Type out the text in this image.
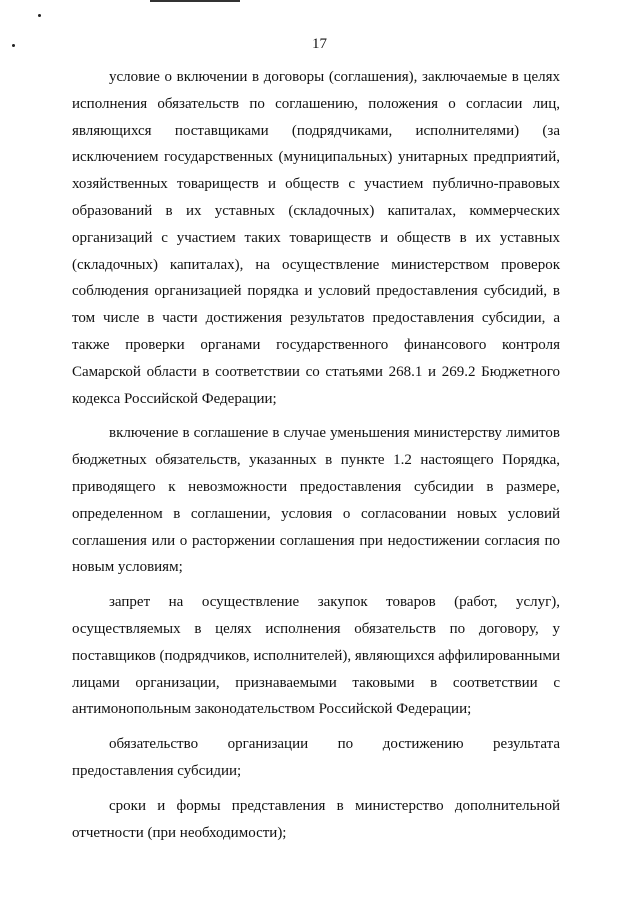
17

условие о включении в договоры (соглашения), заключаемые в целях исполнения обязательств по соглашению, положения о согласии лиц, являющихся поставщиками (подрядчиками, исполнителями) (за исключением государственных (муниципальных) унитарных предприятий, хозяйственных товариществ и обществ с участием публично-правовых образований в их уставных (складочных) капиталах, коммерческих организаций с участием таких товариществ и обществ в их уставных (складочных) капиталах), на осуществление министерством проверок соблюдения организацией порядка и условий предоставления субсидий, в том числе в части достижения результатов предоставления субсидии, а также проверки органами государственного финансового контроля Самарской области в соответствии со статьями 268.1 и 269.2 Бюджетного кодекса Российской Федерации;

включение в соглашение в случае уменьшения министерству лимитов бюджетных обязательств, указанных в пункте 1.2 настоящего Порядка, приводящего к невозможности предоставления субсидии в размере, определенном в соглашении, условия о согласовании новых условий соглашения или о расторжении соглашения при недостижении согласия по новым условиям;

запрет на осуществление закупок товаров (работ, услуг), осуществляемых в целях исполнения обязательств по договору, у поставщиков (подрядчиков, исполнителей), являющихся аффилированными лицами организации, признаваемыми таковыми в соответствии с антимонопольным законодательством Российской Федерации;

обязательство организации по достижению результата предоставления субсидии;

сроки и формы представления в министерство дополнительной отчетности (при необходимости);
